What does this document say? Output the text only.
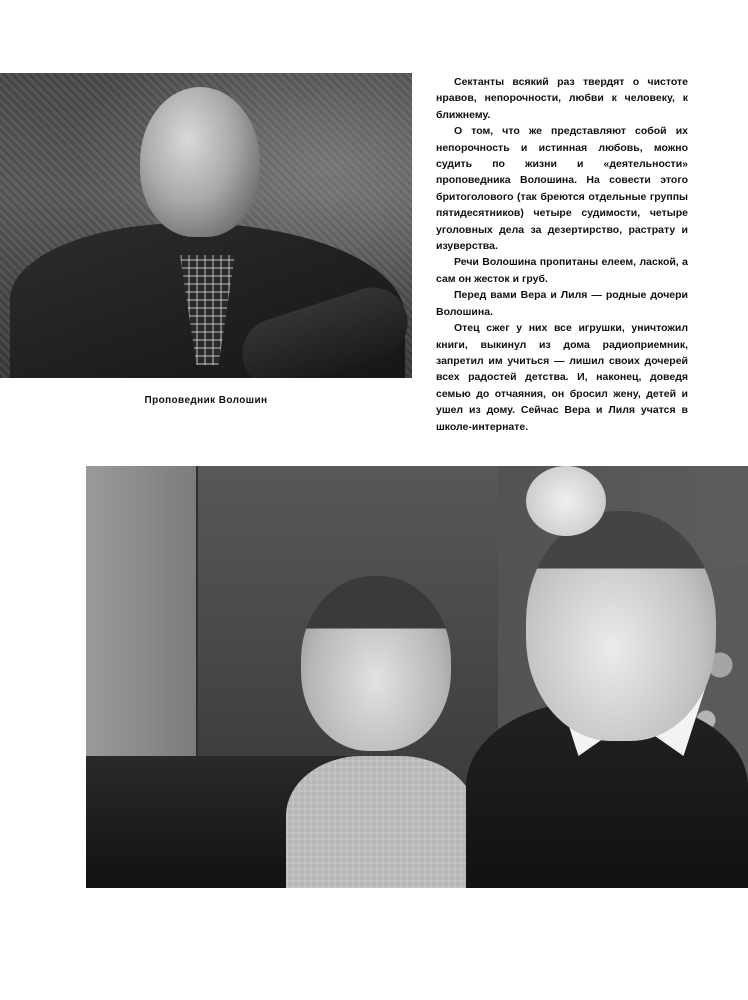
Проповедник Волошин

Сектанты всякий раз твердят о чистоте нравов, непорочности, любви к человеку, к ближнему.

О том, что же представляют собой их непорочность и истинная любовь, можно судить по жизни и «деятельности» проповедника Волошина. На совести этого бритоголового (так бреются отдельные группы пятидесятников) четыре судимости, четыре уголовных дела за дезертирство, растрату и изуверства.

Речи Волошина пропитаны елеем, лаской, а сам он жесток и груб.

Перед вами Вера и Лиля — родные дочери Волошина.

Отец сжег у них все игрушки, уничтожил книги, выкинул из дома радиоприемник, запретил им учиться — лишил своих дочерей всех радостей детства. И, наконец, доведя семью до отчаяния, он бросил жену, детей и ушел из дому. Сейчас Вера и Лиля учатся в школе-интернате.
